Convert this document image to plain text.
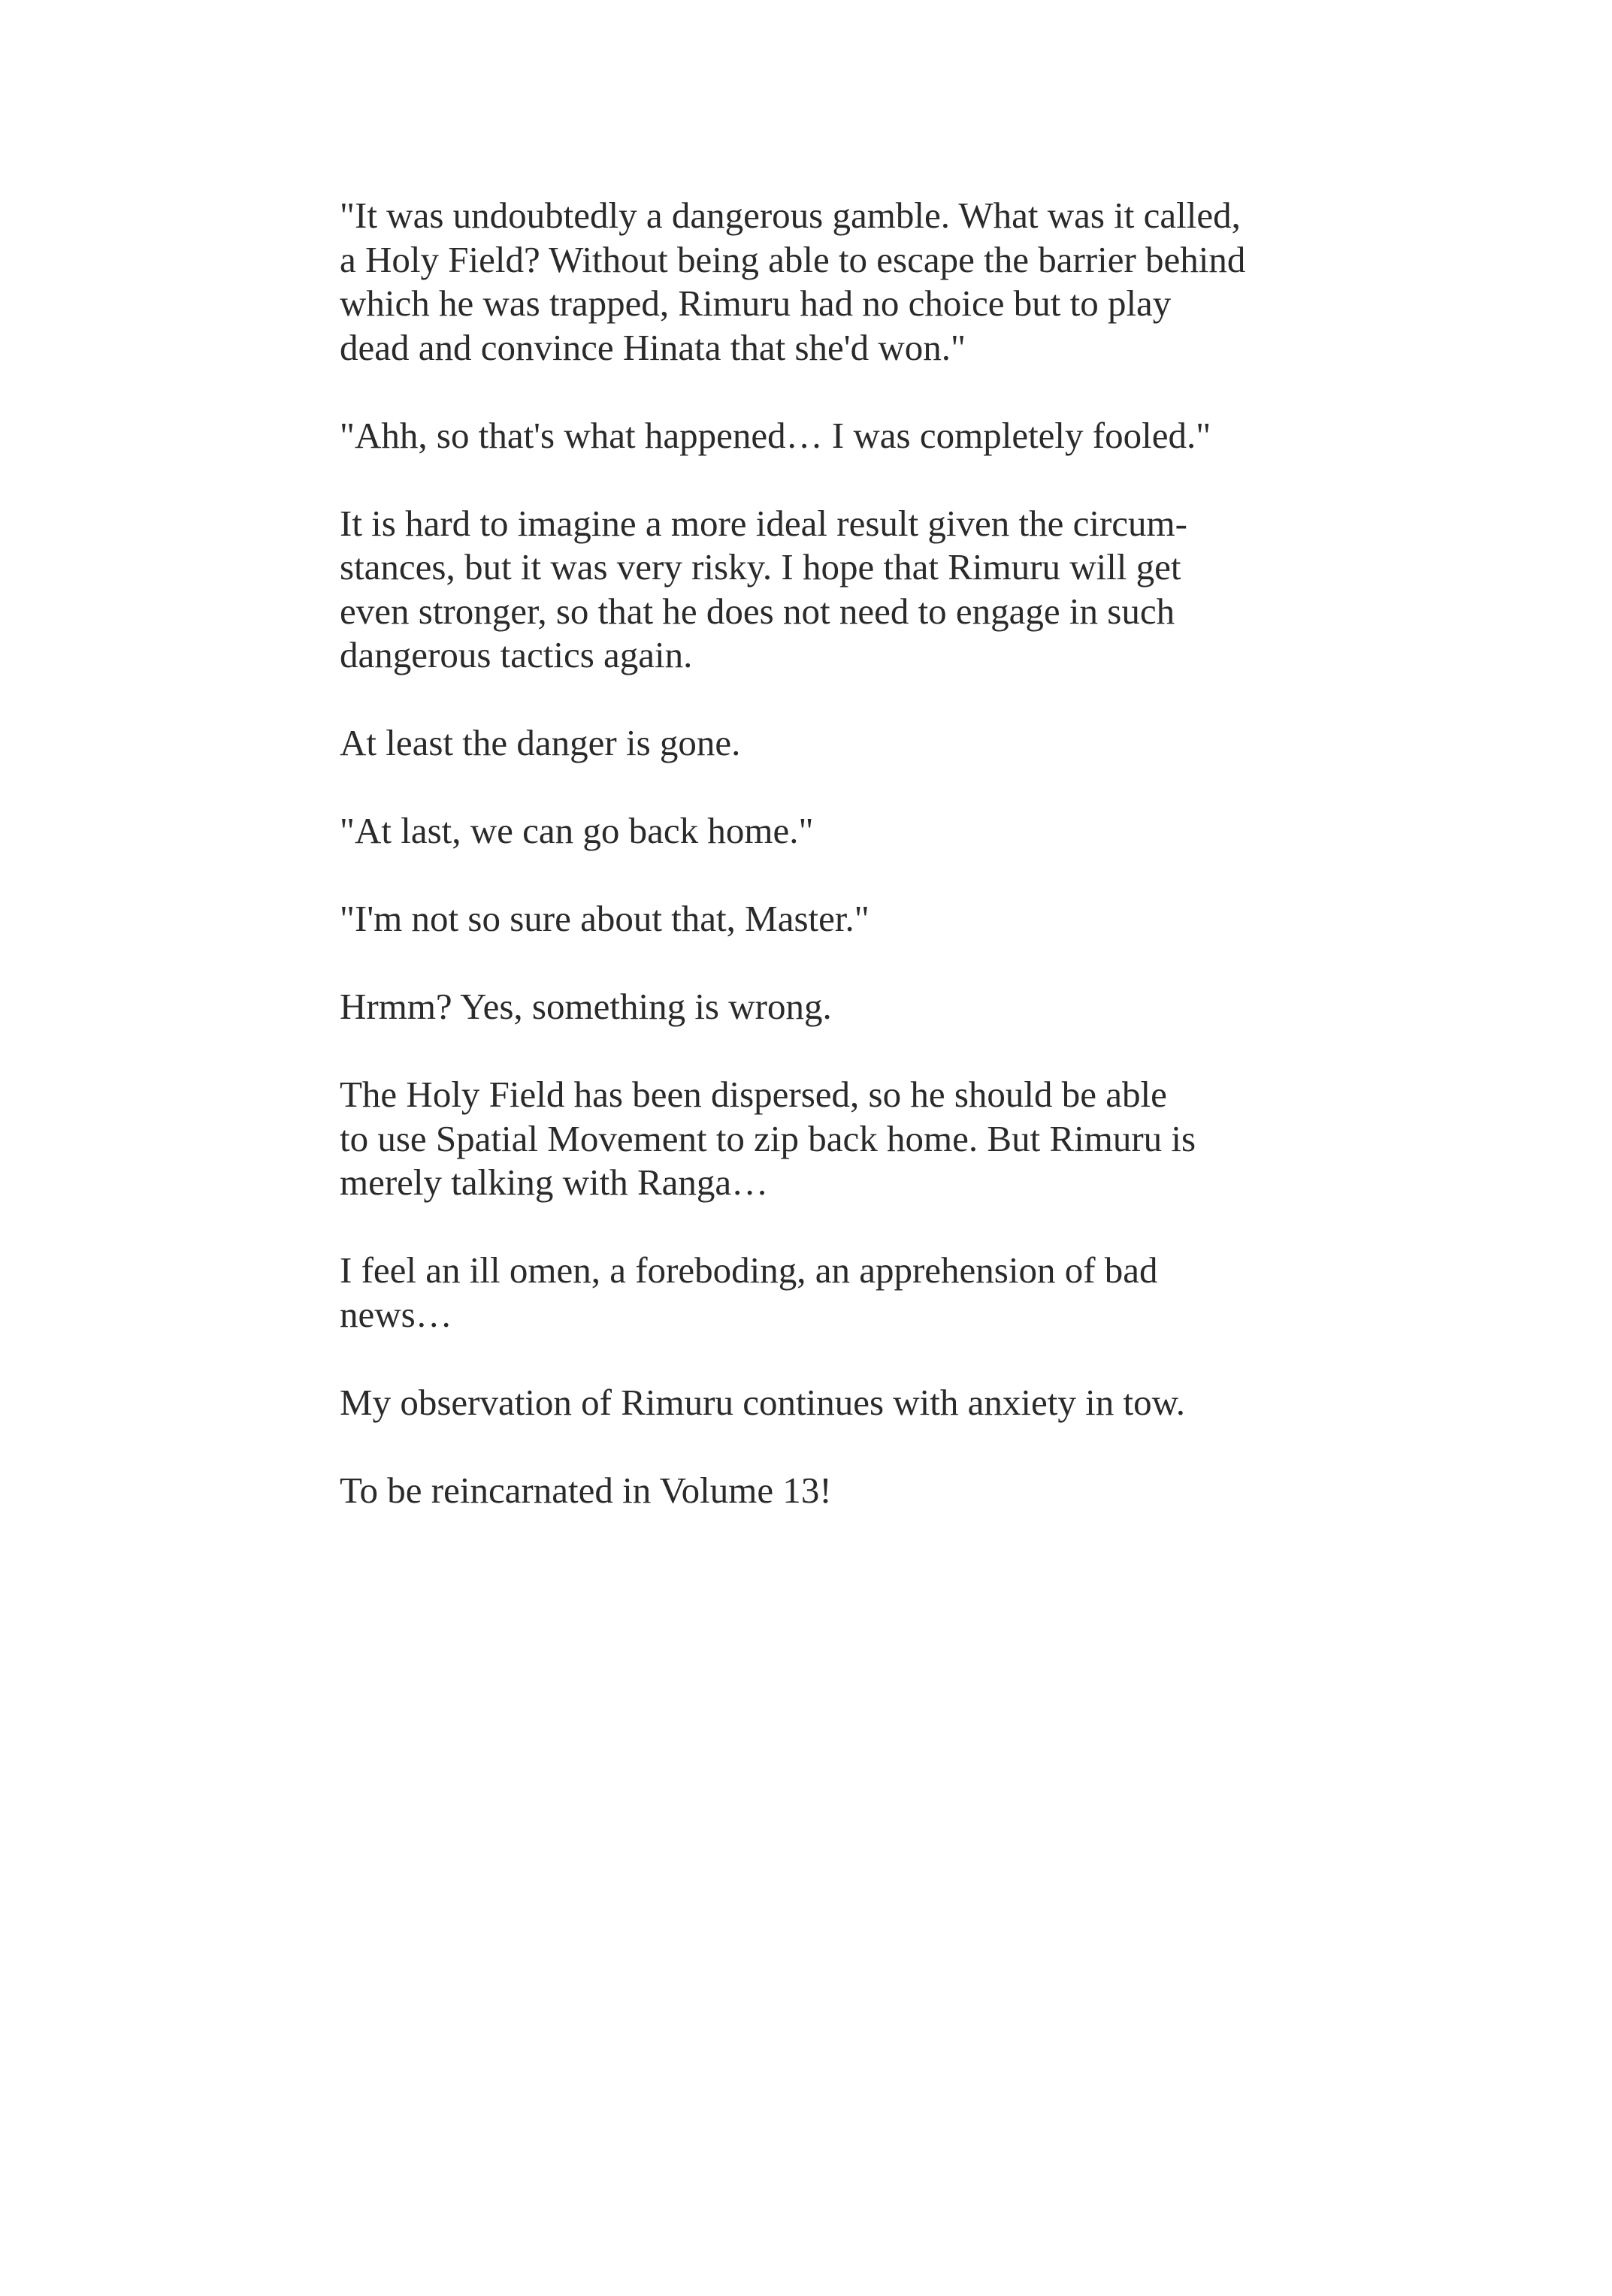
"It was undoubtedly a dangerous gamble. What was it called,
a Holy Field? Without being able to escape the barrier behind
which he was trapped, Rimuru had no choice but to play
dead and convince Hinata that she'd won."

"Ahh, so that's what happened… I was completely fooled."

It is hard to imagine a more ideal result given the circum-
stances, but it was very risky. I hope that Rimuru will get
even stronger, so that he does not need to engage in such
dangerous tactics again.

At least the danger is gone.

"At last, we can go back home."

"I'm not so sure about that, Master."

Hrmm? Yes, something is wrong.

The Holy Field has been dispersed, so he should be able
to use Spatial Movement to zip back home. But Rimuru is
merely talking with Ranga…

I feel an ill omen, a foreboding, an apprehension of bad
news…

My observation of Rimuru continues with anxiety in tow.

To be reincarnated in Volume 13!
